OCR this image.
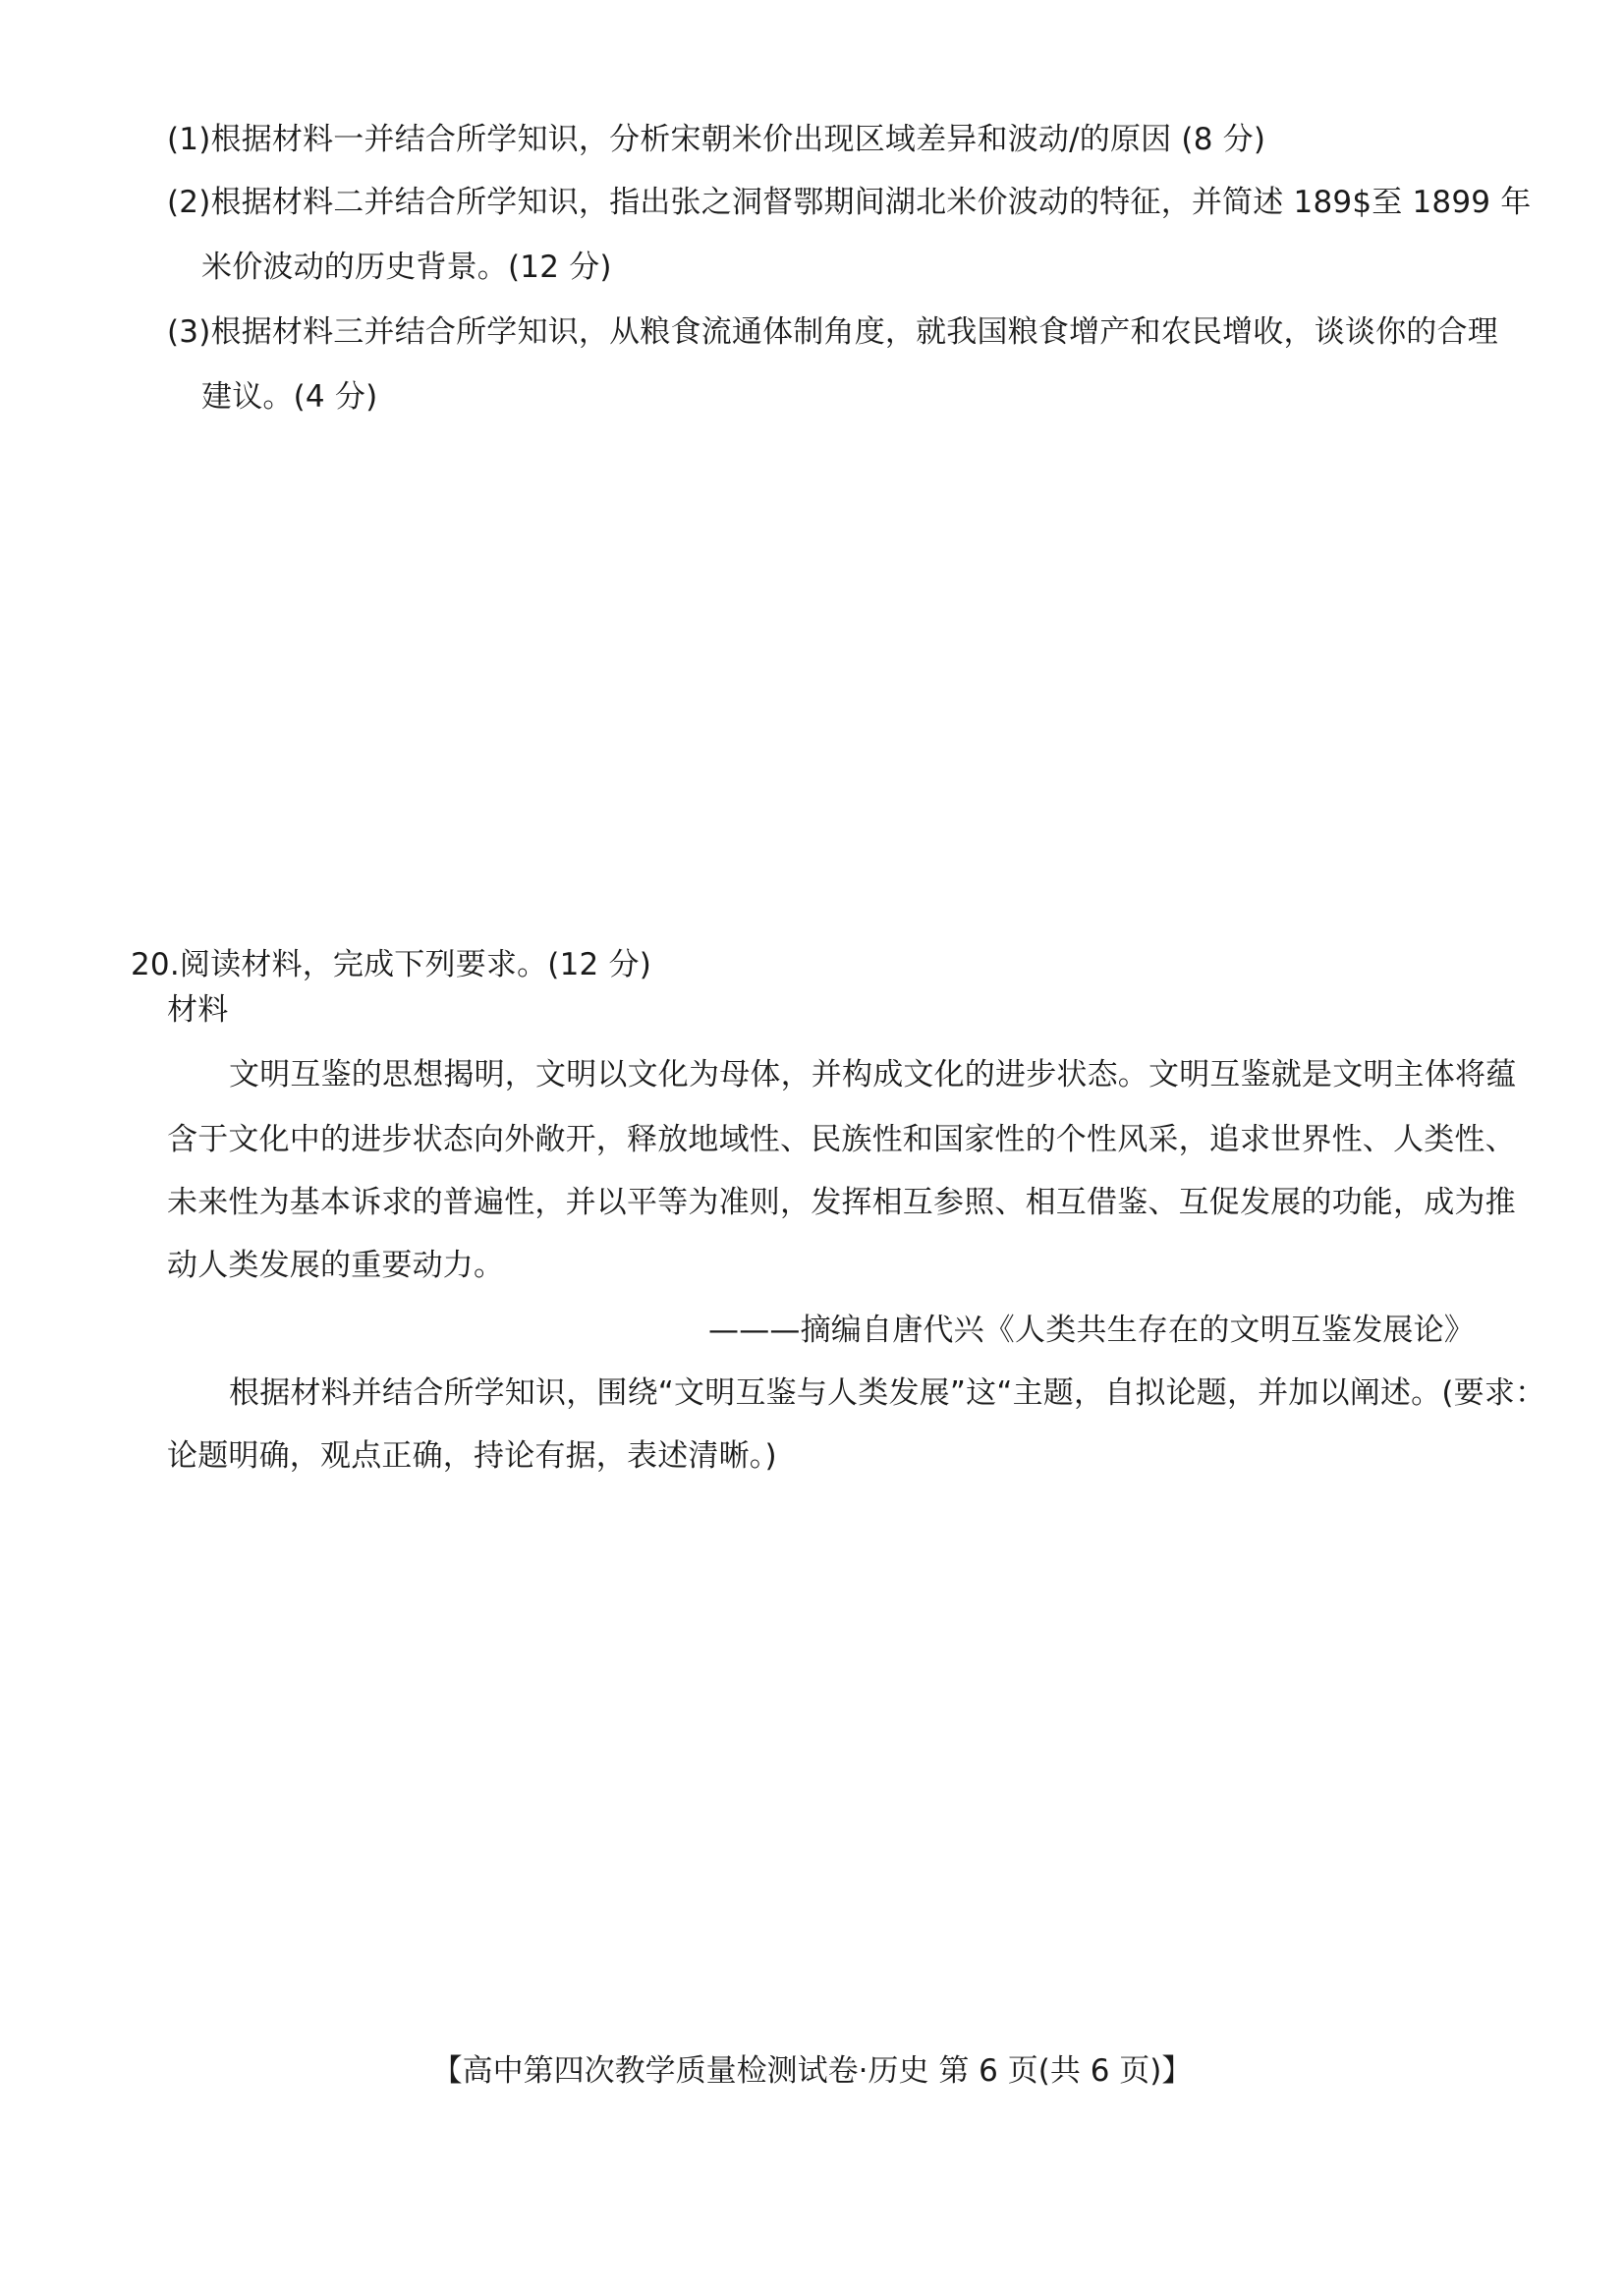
(1)根据材料一并结合所学知识，分析宋朝米价出现区域差异和波动/的原因 (8 分)
(2)根据材料二并结合所学知识，指出张之洞督鄂期间湖北米价波动的特征，并简述 189$至 1899 年
米价波动的历史背景。(12 分)
(3)根据材料三并结合所学知识，从粮食流通体制角度，就我国粮食增产和农民增收，谈谈你的合理
建议。(4 分)
20.阅读材料，完成下列要求。(12 分)
材料
文明互鉴的思想揭明，文明以文化为母体，并构成文化的进步状态。文明互鉴就是文明主体将蕴
含于文化中的进步状态向外敞开，释放地域性、民族性和国家性的个性风采，追求世界性、人类性、
未来性为基本诉求的普遍性，并以平等为准则，发挥相互参照、相互借鉴、互促发展的功能，成为推
动人类发展的重要动力。
———摘编自唐代兴《人类共生存在的文明互鉴发展论》
根据材料并结合所学知识，围绕“文明互鉴与人类发展”这“主题，自拟论题，并加以阐述。(要求：
论题明确，观点正确，持论有据，表述清晰。)
【高中第四次教学质量检测试卷·历史 第 6 页(共 6 页)】
